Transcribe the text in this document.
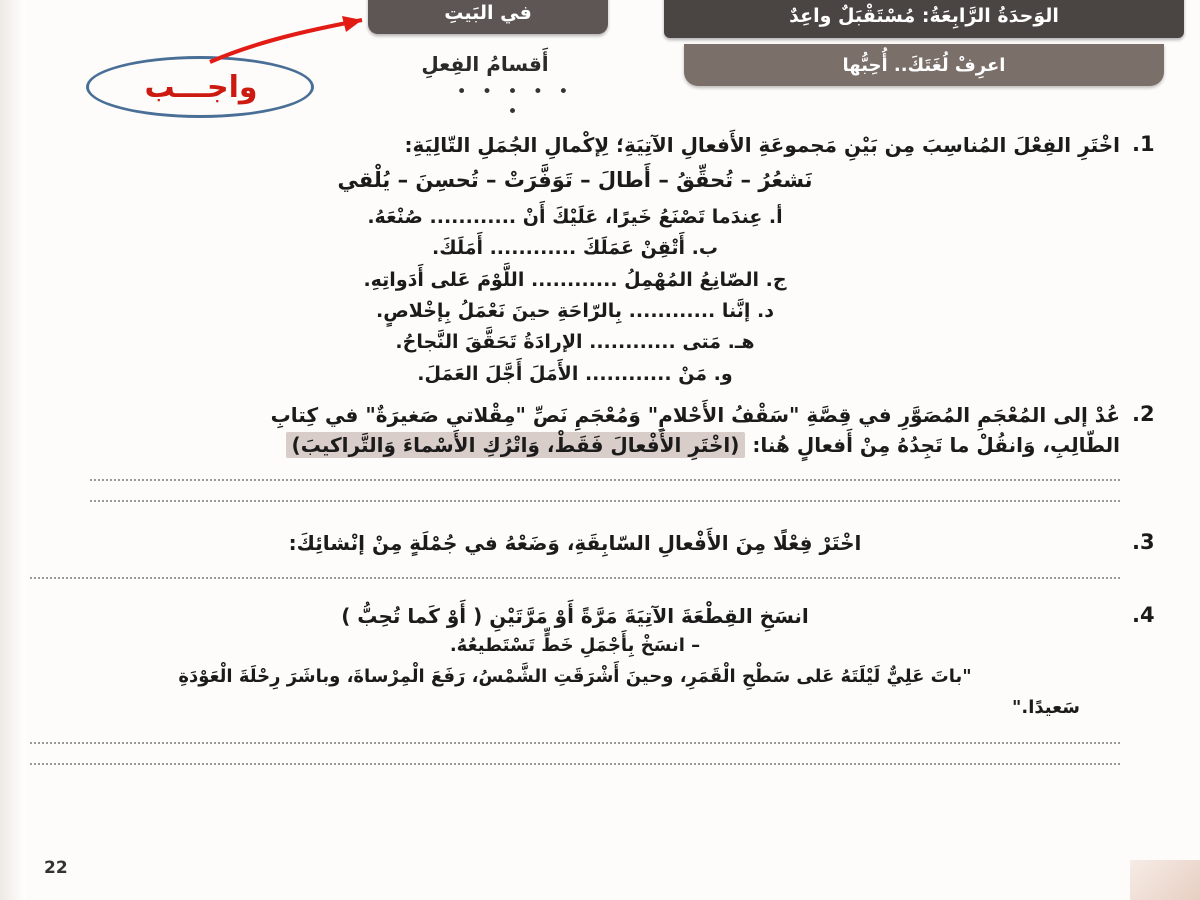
الوَحدَةُ الرَّابِعَةُ: مُسْتَقْبَلٌ واعِدٌ
اعرِفْ لُغَتَكَ.. أُحِبُّها
في البَيتِ
أَقسامُ الفِعلِ
• • • • • •
واجـــب
1.
اخْتَرِ الفِعْلَ المُناسِبَ مِن بَيْنِ مَجموعَةِ الأَفعالِ الآتِيَةِ؛ لِإكْمالِ الجُمَلِ التّالِيَةِ:
نَشعُرُ – تُحقِّقُ – أَطالَ – تَوَفَّرَتْ – تُحسِنَ – يُلْقي
أ. عِندَما تَصْنَعُ خَيرًا، عَلَيْكَ أَنْ ............ صُنْعَهُ.
ب. أَتْقِنْ عَمَلَكَ ............ أَمَلَكَ.
ج. الصّانِعُ المُهْمِلُ ............ اللَّوْمَ عَلى أَدَواتِهِ.
د. إنَّنا ............ بِالرّاحَةِ حينَ نَعْمَلُ بِإخْلاصٍ.
هـ. مَتى ............ الإرادَةُ تَحَقَّقَ النَّجاحُ.
و. مَنْ ............ الأَمَلَ أَجَّلَ العَمَلَ.
2.
عُدْ إلى المُعْجَمِ المُصَوَّرِ في قِصَّةِ "سَقْفُ الأَحْلامِ" وَمُعْجَمِ نَصِّ "مِقْلاتي صَغيرَةٌ" في كِتابِ
الطّالِبِ، وَانقُلْ ما تَجِدُهُ مِنْ أَفعالٍ هُنا: (اخْتَرِ الأَفْعالَ فَقَطْ، وَاتْرُكِ الأَسْماءَ وَالتَّراكيبَ)
3.
اخْتَرْ فِعْلًا مِنَ الأَفْعالِ السّابِقَةِ، وَضَعْهُ في جُمْلَةٍ مِنْ إنْشائِكَ:
4.
انسَخِ القِطْعَةَ الآتِيَةَ مَرَّةً أَوْ مَرَّتَيْنِ ( أَوْ كَما تُحِبُّ )
– انسَخْ بِأَجْمَلِ خَطٍّ تَسْتَطيعُهُ.
"باتَ عَلِيٌّ لَيْلَتَهُ عَلى سَطْحِ الْقَمَرِ، وحينَ أَشْرَقَتِ الشَّمْسُ، رَفَعَ الْمِرْساةَ، وباشَرَ رِحْلَةَ الْعَوْدَةِ
سَعيدًا."
22
